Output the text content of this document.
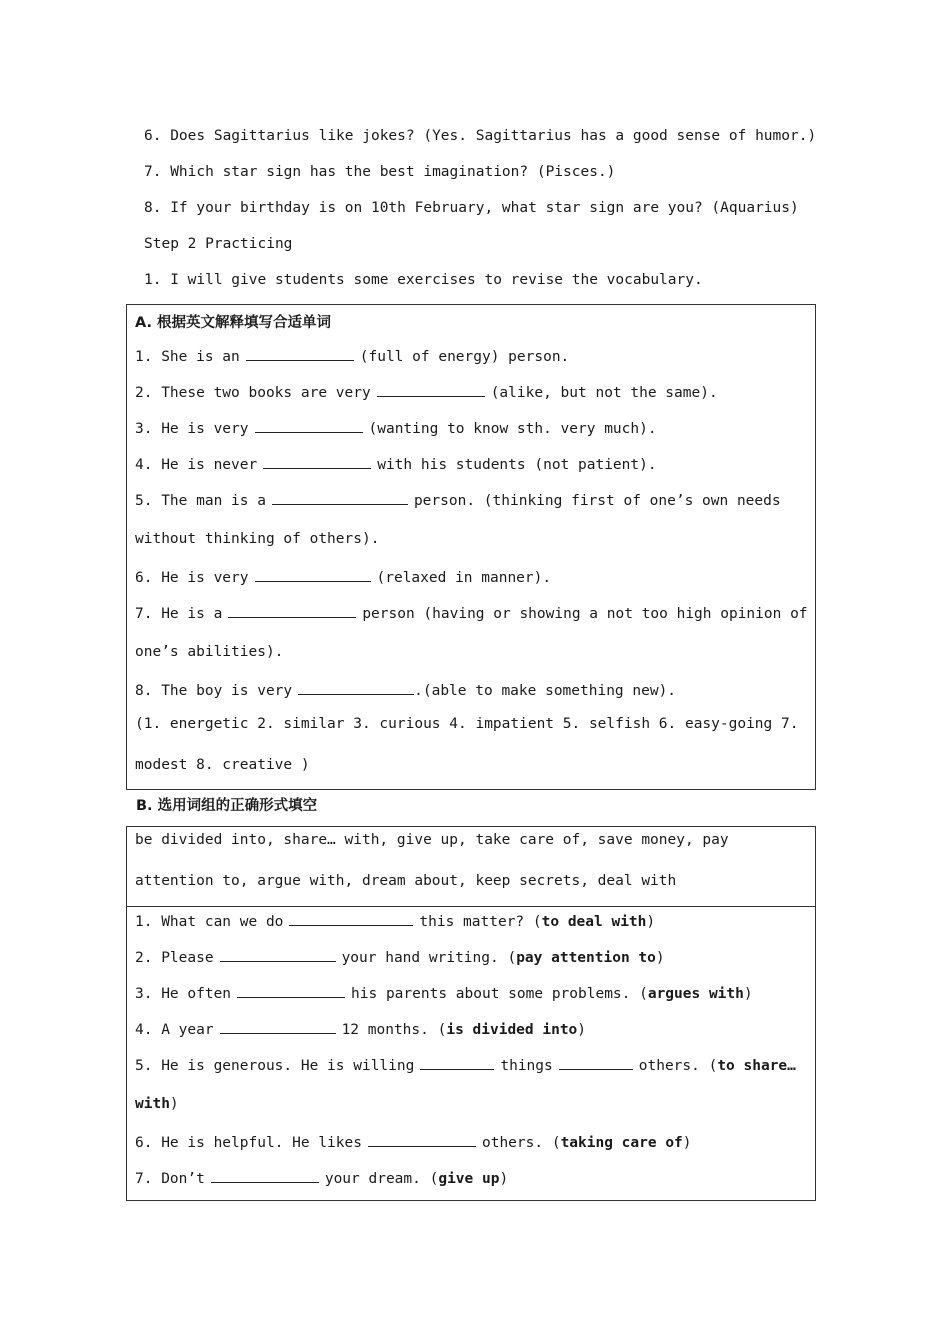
6. Does Sagittarius like jokes? (Yes. Sagittarius has a good sense of humor.)
7. Which star sign has the best imagination? (Pisces.)
8. If your birthday is on 10th February, what star sign are you? (Aquarius)
Step 2 Practicing
1. I will give students some exercises to revise the vocabulary.
A. 根据英文解释填写合适单词
1. She is an	(full of energy) person.
2. These two books are very	(alike, but not the same).
3. He is very	(wanting to know sth. very much).
4. He is never	with his students (not patient).
5. The man is a	person. (thinking first of one’s own needs
without thinking of others).
6. He is very	(relaxed in manner).
7. He is a	person (having or showing a not too high opinion of
one’s abilities).
8. The boy is very	.(able to make something new).
(1. energetic 2. similar 3. curious 4. impatient 5. selfish 6. easy-going 7.
modest 8. creative )
B. 选用词组的正确形式填空
be divided into, share… with, give up, take care of, save money, pay
attention to, argue with, dream about, keep secrets, deal with
1. What can we do	this matter? (to deal with)
2. Please	your hand writing. (pay attention to)
3. He often	his parents about some problems. (argues with)
4. A year	12 months. (is divided into)
5. He is generous. He is willing	things	others. (to share…
with)
6. He is helpful. He likes	others. (taking care of)
7. Don’t	your dream. (give up)
